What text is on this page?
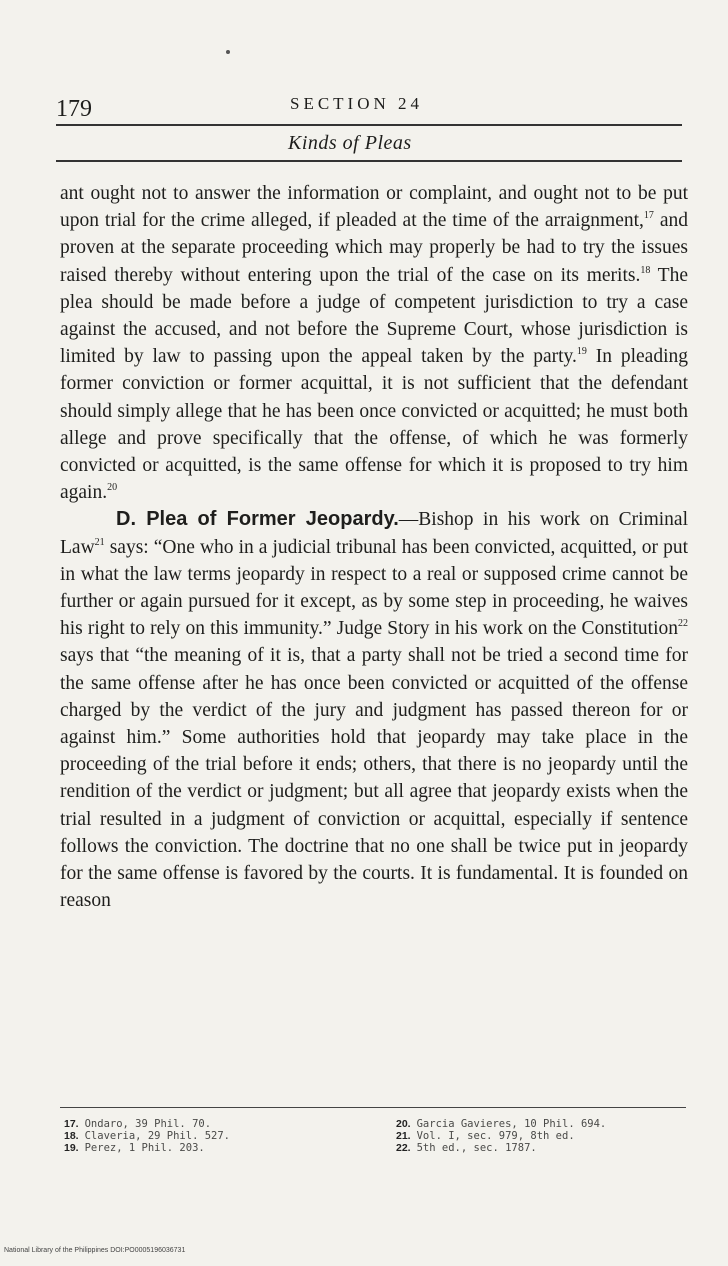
179	SECTION 24
Kinds of Pleas

ant ought not to answer the information or complaint, and ought not to be put upon trial for the crime alleged, if pleaded at the time of the arraignment,$^{17}$ and proven at the separate proceeding which may properly be had to try the issues raised thereby without entering upon the trial of the case on its merits.$^{18}$ The plea should be made before a judge of competent jurisdiction to try a case against the accused, and not before the Supreme Court, whose jurisdiction is limited by law to passing upon the appeal taken by the party.$^{19}$ In pleading former conviction or former acquittal, it is not sufficient that the defendant should simply allege that he has been once convicted or acquitted; he must both allege and prove specifically that the offense, of which he was formerly convicted or acquitted, is the same offense for which it is proposed to try him again.$^{20}$

D. Plea of Former Jeopardy.—Bishop in his work on Criminal Law$^{21}$ says: “One who in a judicial tribunal has been convicted, acquitted, or put in what the law terms jeopardy in respect to a real or supposed crime cannot be further or again pursued for it except, as by some step in proceeding, he waives his right to rely on this immunity.” Judge Story in his work on the Constitution$^{22}$ says that “the meaning of it is, that a party shall not be tried a second time for the same offense after he has once been convicted or acquitted of the offense charged by the verdict of the jury and judgment has passed thereon for or against him.” Some authorities hold that jeopardy may take place in the proceeding of the trial before it ends; others, that there is no jeopardy until the rendition of the verdict or judgment; but all agree that jeopardy exists when the trial resulted in a judgment of conviction or acquittal, especially if sentence follows the conviction. The doctrine that no one shall be twice put in jeopardy for the same offense is favored by the courts. It is fundamental. It is founded on reason

17. Ondaro, 39 Phil. 70.
18. Claveria, 29 Phil. 527.
19. Perez, 1 Phil. 203.
20. Garcia Gavieres, 10 Phil. 694.
21. Vol. I, sec. 979, 8th ed.
22. 5th ed., sec. 1787.
National Library of the Philippines DOI:PO0005196036731
